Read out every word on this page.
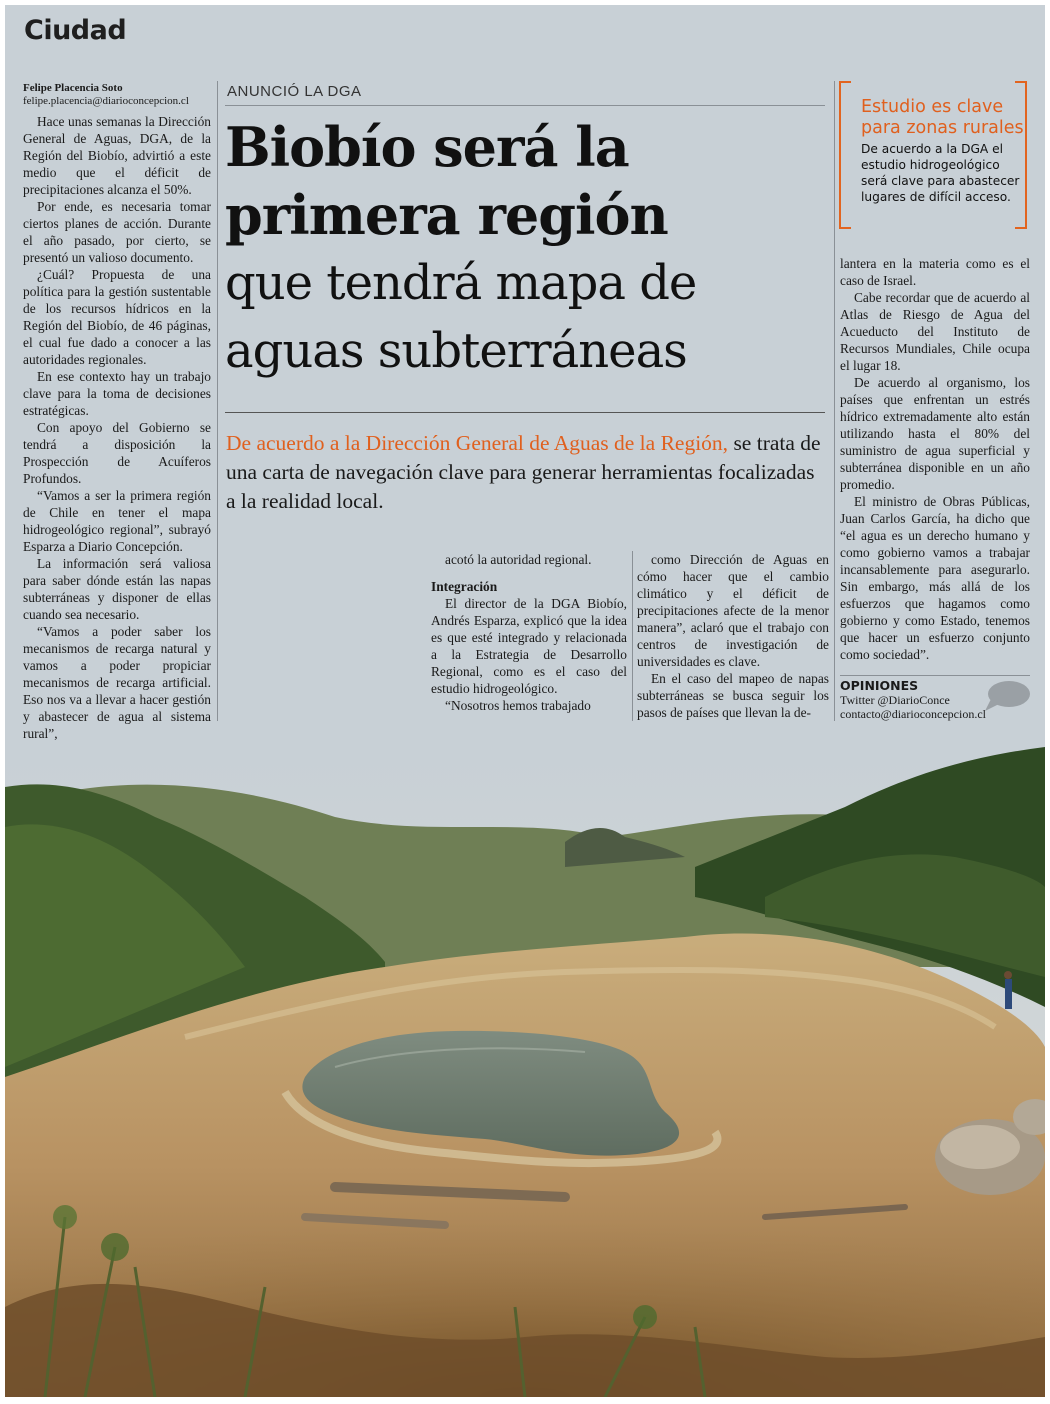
Ciudad
Felipe Placencia Soto
felipe.placencia@diarioconcepcion.cl

Hace unas semanas la Dirección General de Aguas, DGA, de la Región del Biobío, advirtió a este medio que el déficit de precipitaciones alcanza el 50%.

Por ende, es necesaria tomar ciertos planes de acción. Durante el año pasado, por cierto, se presentó un valioso documento.

¿Cuál? Propuesta de una política para la gestión sustentable de los recursos hídricos en la Región del Biobío, de 46 páginas, el cual fue dado a conocer a las autoridades regionales.

En ese contexto hay un trabajo clave para la toma de decisiones estratégicas.

Con apoyo del Gobierno se tendrá a disposición la Prospección de Acuíferos Profundos.

“Vamos a ser la primera región de Chile en tener el mapa hidrogeológico regional”, subrayó Esparza a Diario Concepción.

La información será valiosa para saber dónde están las napas subterráneas y disponer de ellas cuando sea necesario.

“Vamos a poder saber los mecanismos de recarga natural y vamos a poder propiciar mecanismos de recarga artificial. Eso nos va a llevar a hacer gestión y abastecer de agua al sistema rural”,

ANUNCIÓ LA DGA
Biobío será la
primera región
que tendrá mapa de
aguas subterráneas
De acuerdo a la Dirección General de Aguas de la Región, se trata de una carta de navegación clave para generar herramientas focalizadas a la realidad local.
Estudio es clave para zonas rurales
De acuerdo a la DGA el estudio hidrogeológico será clave para abastecer lugares de difícil acceso.

acotó la autoridad regional.

Integración

El director de la DGA Biobío, Andrés Esparza, explicó que la idea es que esté integrado y relacionada a la Estrategia de Desarrollo Regional, como es el caso del estudio hidrogeológico.

“Nosotros hemos trabajado

como Dirección de Aguas en cómo hacer que el cambio climático y el déficit de precipitaciones afecte de la menor manera”, aclaró que el trabajo con centros de investigación de universidades es clave.

En el caso del mapeo de napas subterráneas se busca seguir los pasos de países que llevan la de-

lantera en la materia como es el caso de Israel.

Cabe recordar que de acuerdo al Atlas de Riesgo de Agua del Acueducto del Instituto de Recursos Mundiales, Chile ocupa el lugar 18.

De acuerdo al organismo, los países que enfrentan un estrés hídrico extremadamente alto están utilizando hasta el 80% del suministro de agua superficial y subterránea disponible en un año promedio.

El ministro de Obras Públicas, Juan Carlos García, ha dicho que “el agua es un derecho humano y como gobierno vamos a trabajar incansablemente para asegurarlo. Sin embargo, más allá de los esfuerzos que hagamos como gobierno y como Estado, tenemos que hacer un esfuerzo conjunto como sociedad”.

OPINIONES
Twitter @DiarioConce
contacto@diarioconcepcion.cl
